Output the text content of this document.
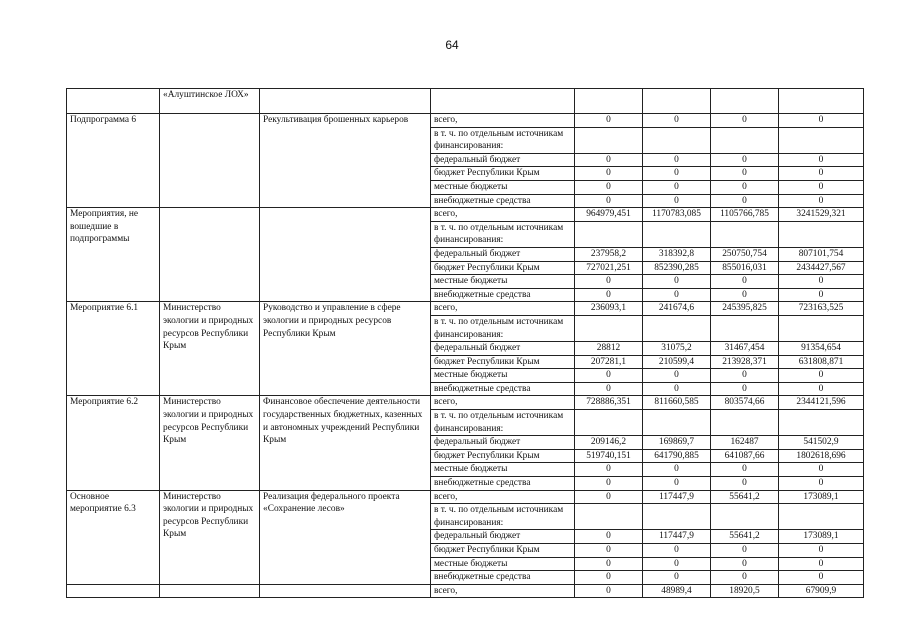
64
	«Алуштинское ЛОХ»						
Подпрограмма 6		Рекультивация брошенных карьеров	всего,	0	0	0	0
			в т. ч. по отдельным источникам финансирования:				
			федеральный бюджет	0	0	0	0
			бюджет Республики Крым	0	0	0	0
			местные бюджеты	0	0	0	0
			внебюджетные средства	0	0	0	0
Мероприятия, не вошедшие в подпрограммы			всего,	964979,451	1170783,085	1105766,785	3241529,321
			в т. ч. по отдельным источникам финансирования:				
			федеральный бюджет	237958,2	318392,8	250750,754	807101,754
			бюджет Республики Крым	727021,251	852390,285	855016,031	2434427,567
			местные бюджеты	0	0	0	0
			внебюджетные средства	0	0	0	0
Мероприятие 6.1	Министерство экологии и природных ресурсов Республики Крым	Руководство и управление в сфере экологии и природных ресурсов Республики Крым	всего,	236093,1	241674,6	245395,825	723163,525
			в т. ч. по отдельным источникам финансирования:				
			федеральный бюджет	28812	31075,2	31467,454	91354,654
			бюджет Республики Крым	207281,1	210599,4	213928,371	631808,871
			местные бюджеты	0	0	0	0
			внебюджетные средства	0	0	0	0
Мероприятие 6.2	Министерство экологии и природных ресурсов Республики Крым	Финансовое обеспечение деятельности государственных бюджетных, казенных и автономных учреждений Республики Крым	всего,	728886,351	811660,585	803574,66	2344121,596
			в т. ч. по отдельным источникам финансирования:				
			федеральный бюджет	209146,2	169869,7	162487	541502,9
			бюджет Республики Крым	519740,151	641790,885	641087,66	1802618,696
			местные бюджеты	0	0	0	0
			внебюджетные средства	0	0	0	0
Основное мероприятие 6.3	Министерство экологии и природных ресурсов Республики Крым	Реализация федерального проекта «Сохранение лесов»	всего,	0	117447,9	55641,2	173089,1
			в т. ч. по отдельным источникам финансирования:				
			федеральный бюджет	0	117447,9	55641,2	173089,1
			бюджет Республики Крым	0	0	0	0
			местные бюджеты	0	0	0	0
			внебюджетные средства	0	0	0	0
			всего,	0	48989,4	18920,5	67909,9
